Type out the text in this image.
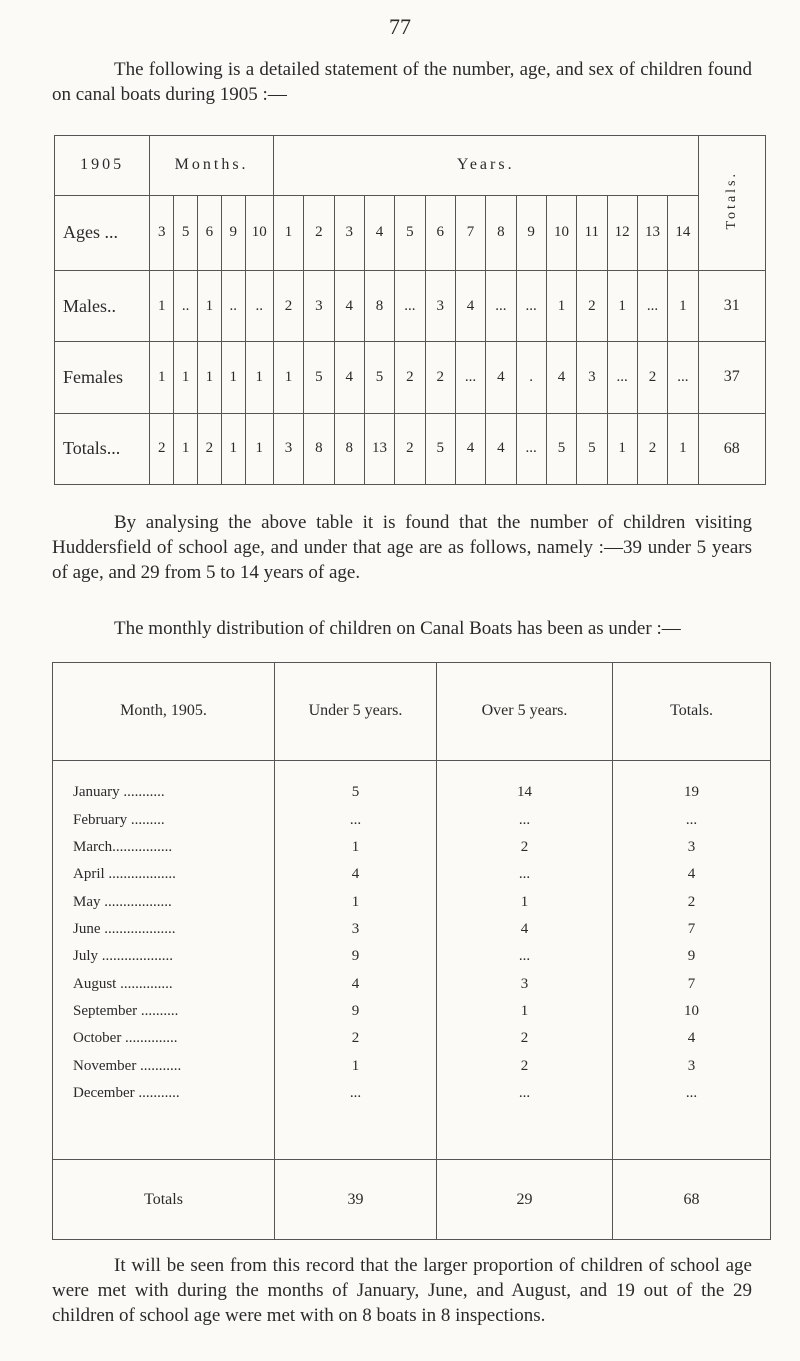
77

The following is a detailed statement of the number, age, and sex of children found on canal boats during 1905 :—

1905	Months.					Years.														Totals.
Ages ...	3	5	6	9	10	1	2	3	4	5	6	7	8	9	10	11	12	13	14	
Males..	1	..	1	..	..	2	3	4	8	...	3	4	...	...	1	2	1	...	1	31
Females	1	1	1	1	1	1	5	4	5	2	2	...	4	.	4	3	...	2	...	37
Totals...	2	1	2	1	1	3	8	8	13	2	5	4	4	...	5	5	1	2	1	68

By analysing the above table it is found that the number of children visiting Huddersfield of school age, and under that age are as follows, namely :—39 under 5 years of age, and 29 from 5 to 14 years of age.

The monthly distribution of children on Canal Boats has been as under :—

Month, 1905.	Under 5 years.	Over 5 years.	Totals.

January ...........	5	14	19
February .........	...	...	...
March................	1	2	3
April ..................	4	...	4
May ..................	1	1	2
June ...................	3	4	7
July ...................	9	...	9
August ..............	4	3	7
September ..........	9	1	10
October ..............	2	2	4
November ...........	1	2	3
December ...........	...	...	...

Totals	39	29	68

It will be seen from this record that the larger proportion of children of school age were met with during the months of January, June, and August, and 19 out of the 29 children of school age were met with on 8 boats in 8 inspections.
